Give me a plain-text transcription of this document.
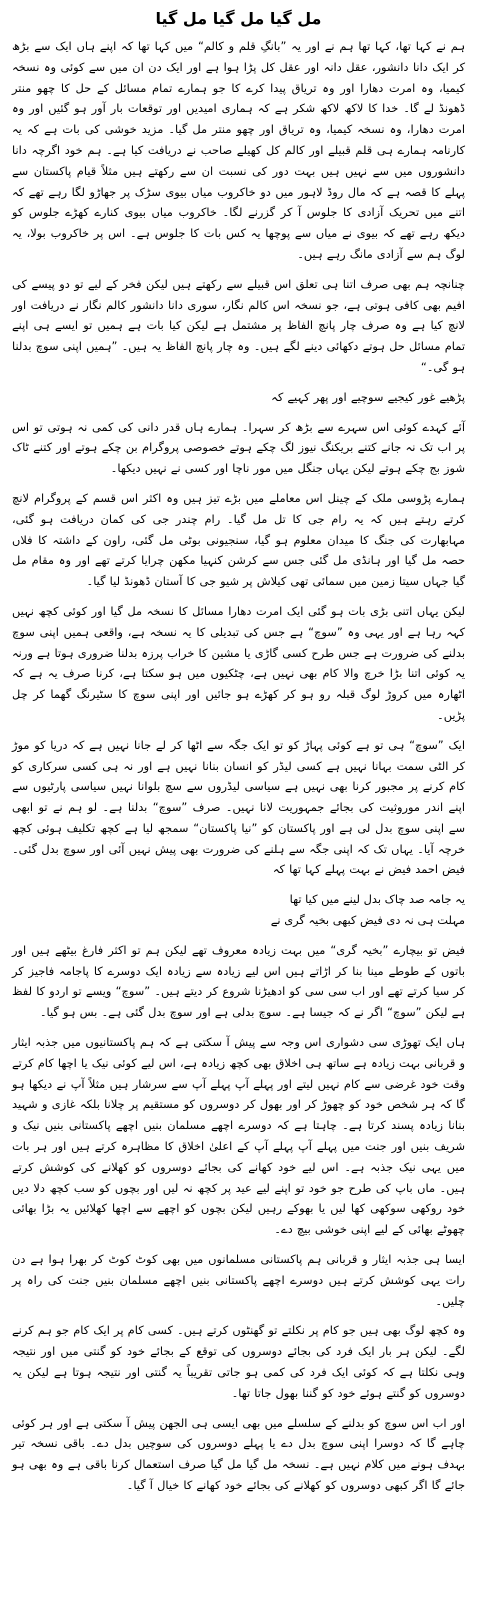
مل گیا مل گیا مل گیا

ہم نے کہا تھا، کہا تھا ہم نے اور یہ ”بانگِ قلم و کالم“ میں کہا تھا کہ اپنے ہاں ایک سے بڑھ کر ایک دانا دانشور، عقل دانہ اور عقل کل پڑا ہوا ہے اور ایک دن ان میں سے کوئی وہ نسخہ کیمیا، وہ امرت دھارا اور وہ تریاق پیدا کرے کا جو ہمارے تمام مسائل کے حل کا چھو منتر ڈھونڈ لے گا۔ خدا کا لاکھ لاکھ شکر ہے کہ ہماری امیدیں اور توقعات بار آور ہو گئیں اور وہ امرت دھارا، وہ نسخہ کیمیا، وہ تریاق اور چھو منتر مل گیا۔ مزید خوشی کی بات ہے کہ یہ کارنامہ ہمارے ہی قلم قبیلے اور کالم کل کھیلے صاحب نے دریافت کیا ہے۔ ہم خود اگرچہ دانا دانشوروں میں سے نہیں ہیں بہت دور کی نسبت ان سے رکھتے ہیں مثلاً قیام پاکستان سے پہلے کا قصہ ہے کہ مال روڈ لاہور میں دو خاکروب میاں بیوی سڑک پر جھاڑو لگا رہے تھے کہ اتنے میں تحریک آزادی کا جلوس آ کر گزرنے لگا۔ خاکروب میاں بیوی کنارے کھڑے جلوس کو دیکھ رہے تھے کہ بیوی نے میاں سے پوچھا یہ کس بات کا جلوس ہے۔ اس پر خاکروب بولا، یہ لوگ ہم سے آزادی مانگ رہے ہیں۔

چنانچہ ہم بھی صرف اتنا ہی تعلق اس قبیلے سے رکھتے ہیں لیکن فخر کے لیے تو دو پیسے کی افیم بھی کافی ہوتی ہے، جو نسخہ اس کالم نگار، سوری دانا دانشور کالم نگار نے دریافت اور لانچ کیا ہے وہ صرف چار پانچ الفاظ پر مشتمل ہے لیکن کیا بات ہے ہمیں تو ایسے ہی اپنے تمام مسائل حل ہوتے دکھائی دینے لگے ہیں۔ وہ چار پانچ الفاظ یہ ہیں۔ ”ہمیں اپنی سوچ بدلنا ہو گی۔“

پڑھیے غور کیجیے سوچیے اور پھر کہیے کہ

آئے کہدے کوئی اس سہرے سے بڑھ کر سہرا۔ ہمارے ہاں قدر دانی کی کمی نہ ہوتی تو اس پر اب تک نہ جانے کتنے بریکنگ نیوز لگ چکے ہوتے خصوصی پروگرام بن چکے ہوتے اور کتنے ٹاک شوز بج چکے ہوتے لیکن یہاں جنگل میں مور ناچا اور کسی نے نہیں دیکھا۔

ہمارے پڑوسی ملک کے چینل اس معاملے میں بڑے تیز ہیں وہ اکثر اس قسم کے پروگرام لانچ کرتے رہتے ہیں کہ یہ رام جی کا تل مل گیا۔ رام چندر جی کی کمان دریافت ہو گئی، مہابھارت کی جنگ کا میدان معلوم ہو گیا، سنجیونی بوٹی مل گئی، راون کے داشتہ کا فلاں حصہ مل گیا اور ہانڈی مل گئی جس سے کرشن کنہیا مکھن چرایا کرتے تھے اور وہ مقام مل گیا جہاں سیتا زمین میں سمائی تھی کیلاش پر شیو جی کا آستان ڈھونڈ لیا گیا۔

لیکن یہاں اتنی بڑی بات ہو گئی ایک امرت دھارا مسائل کا نسخہ مل گیا اور کوئی کچھ نہیں کہہ رہا ہے اور یہی وہ ”سوچ“ ہے جس کی تبدیلی کا یہ نسخہ ہے، واقعی ہمیں اپنی سوچ بدلنے کی ضرورت ہے جس طرح کسی گاڑی یا مشین کا خراب پرزہ بدلنا ضروری ہوتا ہے ورنہ یہ کوئی اتنا بڑا خرچ والا کام بھی نہیں ہے، چٹکیوں میں ہو سکتا ہے، کرنا صرف یہ ہے کہ اٹھارہ میں کروڑ لوگ قبلہ رو ہو کر کھڑے ہو جائیں اور اپنی سوچ کا سٹیرنگ گھما کر چل پڑیں۔

ایک ”سوچ“ ہی تو ہے کوئی پہاڑ کو تو ایک جگہ سے اٹھا کر لے جانا نہیں ہے کہ دریا کو موڑ کر الٹی سمت بہانا نہیں ہے کسی لیڈر کو انسان بنانا نہیں ہے اور نہ ہی کسی سرکاری کو کام کرنے پر مجبور کرنا بھی نہیں ہے سیاسی لیڈروں سے سچ بلوانا نہیں سیاسی پارٹیوں سے اپنے اندر موروثیت کی بجائے جمہوریت لانا نہیں۔ صرف ”سوچ“ بدلنا ہے۔ لو ہم نے تو ابھی سے اپنی سوچ بدل لی ہے اور پاکستان کو ”نیا پاکستان“ سمجھ لیا ہے کچھ تکلیف ہوئی کچھ خرچہ آیا۔ یہاں تک کہ اپنی جگہ سے ہلنے کی ضرورت بھی پیش نہیں آئی اور سوچ بدل گئی۔ فیض احمد فیض نے بہت پہلے کہا تھا کہ

یہ جامہ صد چاک بدل لینے میں کیا تھا

مہلت ہی نہ دی فیض کبھی بخیہ گری نے

فیض تو بیچارے ”بخیہ گری“ میں بہت زیادہ معروف تھے لیکن ہم تو اکثر فارغ بیٹھے ہیں اور باتوں کے طوطے مینا بنا کر اڑاتے ہیں اس لیے زیادہ سے زیادہ ایک دوسرے کا پاجامہ فاجیز کر کر سیا کرتے تھے اور اب سی سی کو ادھیڑنا شروع کر دیتے ہیں۔ ”سوچ“ ویسے تو اردو کا لفظ ہے لیکن ”سوچ“ اگر نے کہ جیسا ہے۔ سوچ بدلی ہے اور سوچ بدل گئی ہے۔ بس ہو گیا۔

ہاں ایک تھوڑی سی دشواری اس وجہ سے پیش آ سکتی ہے کہ ہم پاکستانیوں میں جذبہ ایثار و قربانی بہت زیادہ ہے ساتھ ہی اخلاق بھی کچھ زیادہ ہے، اس لیے کوئی نیک یا اچھا کام کرتے وقت خود غرضی سے کام نہیں لیتے اور پہلے آپ پہلے آپ سے سرشار ہیں مثلاً آپ نے دیکھا ہو گا کہ ہر شخص خود کو چھوڑ کر اور بھول کر دوسروں کو مستقیم پر چلانا بلکہ غازی و شہید بنانا زیادہ پسند کرتا ہے۔ چاہتا ہے کہ دوسرے اچھے مسلمان بنیں اچھے پاکستانی بنیں نیک و شریف بنیں اور جنت میں پہلے آپ پہلے آپ کے اعلیٰ اخلاق کا مظاہرہ کرتے ہیں اور ہر بات میں یہی نیک جذبہ ہے۔ اس لیے خود کھانے کی بجائے دوسروں کو کھلانے کی کوشش کرتے ہیں۔ ماں باپ کی طرح جو خود تو اپنے لیے عید پر کچھ نہ لیں اور بچوں کو سب کچھ دلا دیں خود روکھی سوکھی کھا لیں یا بھوکے رہیں لیکن بچوں کو اچھے سے اچھا کھلائیں یہ بڑا بھائی چھوٹے بھائی کے لیے اپنی خوشی بیچ دے۔

ایسا ہی جذبہ ایثار و قربانی ہم پاکستانی مسلمانوں میں بھی کوٹ کوٹ کر بھرا ہوا ہے دن رات یہی کوشش کرتے ہیں دوسرے اچھے پاکستانی بنیں اچھے مسلمان بنیں جنت کی راہ پر چلیں۔

وہ کچھ لوگ بھی ہیں جو کام پر نکلتے تو گھنٹوں کرتے ہیں۔ کسی کام پر ایک کام جو ہم کرنے لگے۔ لیکن ہر بار ایک فرد کی بجائے دوسروں کی توقع کے بجائے خود کو گنتی میں اور نتیجہ وہی نکلتا ہے کہ کوئی ایک فرد کی کمی ہو جاتی تقریباً یہ گنتی اور نتیجہ ہوتا ہے لیکن یہ دوسروں کو گنتے ہوئے خود کو گننا بھول جاتا تھا۔

اور اب اس سوچ کو بدلنے کے سلسلے میں بھی ایسی ہی الجھن پیش آ سکتی ہے اور ہر کوئی چاہے گا کہ دوسرا اپنی سوچ بدل دے یا پہلے دوسروں کی سوچیں بدل دے۔ باقی نسخہ تیر بہدف ہونے میں کلام نہیں ہے۔ نسخہ مل گیا مل گیا صرف استعمال کرنا باقی ہے وہ بھی ہو جائے گا اگر کبھی دوسروں کو کھلانے کی بجائے خود کھانے کا خیال آ گیا۔
